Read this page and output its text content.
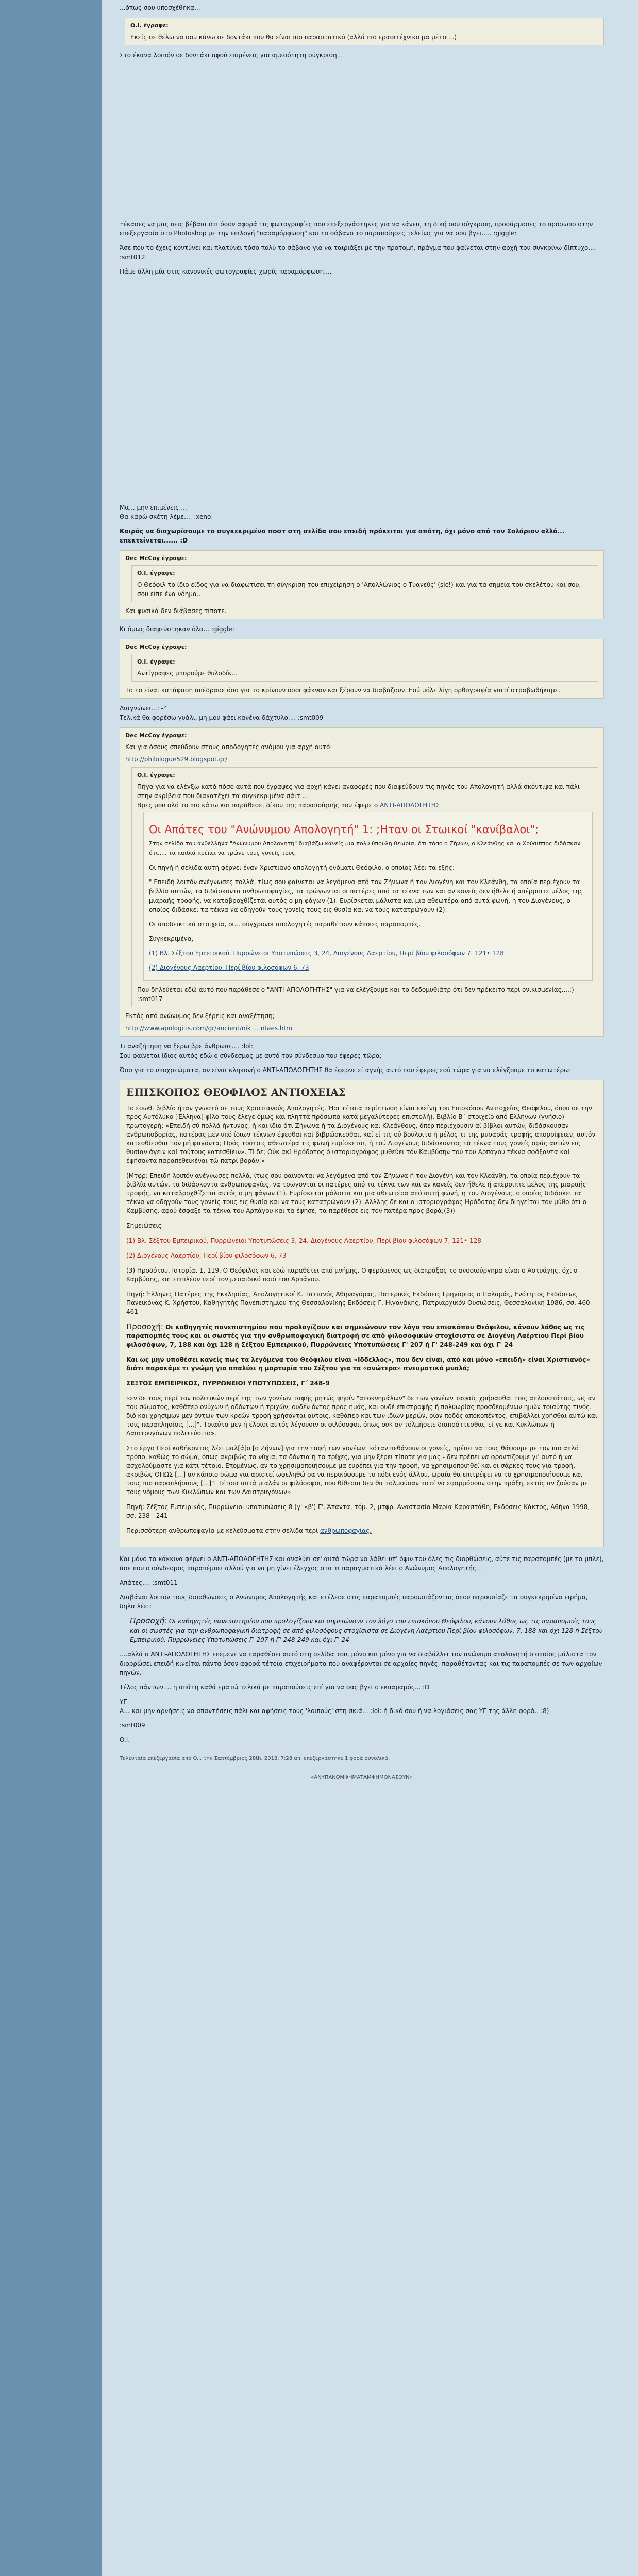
...όπως σου υποσχέθηκα...

O.I. έγραψε:
Εκείς σε θέλω να σου κάνω σε δοντάκι που θα είναι πιο παραστατικό (αλλά πιο ερασιτέχνικο μα μέτοι...)

Στο έκανα λοιπόν σε δοντάκι αφού επιμένεις για αμεσότητη σύγκριση...

Ξέκασες να μας πεις βέβαια ότι όσον αφορά τις φωτογραφίες που επεξεργάστηκες για να κάνεις τη δική σου σύγκριση, προσάρμοσες το πρόσωπο στην επεξεργασία στο Photoshop με την επιλογή "παραμόρφωση" και το σάβανο το παραποίησες τελείως για να σου βγει..... :giggle:

Άσε που το έχεις κοντύνει και πλατύνει τόσο πολύ το σάβανο για να ταιριάξει με την προτομή, πράγμα που φαίνεται στην αρχή του συγκρίνω δίπτυχο.... :smt012

Πάμε άλλη μία στις κανονικές φωτογραφίες χωρίς παραμόρφωση....

Μα... μην επιμένεις....

Θα καρώ σκέτη λέμε.... :xeno:

Καιρός να διαχωρίσουμε το συγκεκριμένο ποστ στη σελίδα σου επειδή πρόκειται για απάτη, όχι μόνο από τον Σολάριον αλλά... επεκτείνεται...... :D

Dec McCoy έγραψε:
O.I. έγραψε:
Ο Θεόφιλ το ίδιο είδος για να διαφωτίσει τη σύγκριση του επιχείρηση ο 'Απολλώνιος ο Τυανεύς' (sic!) και για τα σημεία του σκελέτου και σου, σου είπε ένα νόημα...
Και φυσικά δεν διάβασες τίποτε.

Κι όμως διαψεύστηκαν όλα... :giggle:

Dec McCoy έγραψε:
O.I. έγραψε:
Αντίγραφες μπορούμε θυλοδίκ...
Το το είναι κατάφαση απέδρασε όσο για το κρίνουν όσοι φάκναν και ξέρουν να διαβάζουν. Εσύ μόλε λίγη ορθογραφία γιατί στραβωθήκαμε.

Διαγνώνει...: -°

Τελικά θα φορέσω γυάλι, μη μου φάει κανένα δάχτυλο.... :smt009

Dec McCoy έγραψε:
Και για όσους σπεύδουν στους αποδογητές ανόμου για αρχή αυτό:
http://philologue529.blogspot.gr/
O.I. έγραψε:
Πήγα για να ελέγξω κατά πόσο αυτά που έγραψες για αρχή κάνει αναφορές που διαψεύδουν τις πηγές του Απολογητή αλλά σκόντιψα και πάλι στην ακρίβεια που διακατέχει τα συγκεκριμένα σάιτ....
Βρες μου ολό το πιο κάτω και παράθεσε, δίκου της παραποίησής που έφερε ο ΑΝΤΙ-ΑΠΟΛΟΓΗΤΗΣ
Οι Απάτες του "Ανώνυμου Απολογητή" 1: ;Ηταν οι Στωικοί "κανίβαλοι";

Στην σελίδα του ανθελλήνα "Ανώνυμου Απολογητή" διαβάζω κανείς μια πολύ ύπουλη θεωρία, ότι τόσο ο Ζήνων, ο Κλεάνθης και ο Χρύσιππος διδάσκαν ότι..... τα παιδιά πρέπει να τρώνε τους γονείς τους.

Οι πηγή ή σελίδα αυτή φέρνει έναν Χριστιανό απολογητή ονόματι Θεόφιλο, ο οποίος λέει τα εξής:

" Επειδή λοιπόν ανέγνωσες πολλά, τίως σου φαίνεται να λεγόμενα από τον Ζήνωνα ή τον Διογένη και τον Κλεάνθη, τα οποία περιέχουν τα βιβλία αυτών, τα διδάσκοντα ανθρωποφαγίες, τα τρώγωνται οι πατέρες από τα τέκνα των και αν κανείς δεν ήθελε ή απέρριπτε μέλος της μιαραής τροφής, να καταβροχθίζεται αυτός ο μη φάγων (1). Ευρίσκεται μάλιστα και μια αθεωτέρα από αυτά φωνή, η του Διογένους, ο οποίος διδάσκει τα τέκνα να οδηγούν τους γονείς τους εις θυσία και να τους κατατρώγουν (2).

Οι αποδεικτικά στοιχεία, οι... σύγχρονοι απολογητές παραθέτουν κάποιες παραπομπές.

Συγκεκριμένα,

(1) Βλ. Σέξτου Εμπειρικού, Πυρρώνειοι Υποτυπώσεις 3, 24, Διογένους Λαερτίου, Περί βίου φιλοσόφων 7. 121• 128

(2) Διογένους Λαερτίου, Περί βίου φιλοσόφων 6, 73

Που δηλεύεται εδώ αυτό που παράθεσε ο "ΑΝΤΙ-ΑΠΟΛΟΓΗΤΗΣ" για να ελέγξουμε και το δεδομυθιάτρ ότι δεν πρόκειτο περί ονικισμενίας....:) :smt017
Εκτός από ανώνυμος δεν ξέρεις και αναξέτηση;
http://www.apologitis.com/gr/ancient/nik ... ntaes.htm

Τι αναζήτηση να ξέρω βρε άνθρωπε.... :lol:

Σου φαίνεται ίδιος αυτός εδώ ο σύνδεσμος με αυτό τον σύνδεσμο που έφερες τώρα;

Όσο για το υποχρεώματα, αν είναι κληκονή ο ΑΝΤΙ-ΑΠΟΛΟΓΗΤΗΣ θα έφερνε εί αγνής αυτό που έφερες εσύ τώρα για να ελέγξουμε το κατωτέρω:

ΕΠΙΣΚΟΠΟΣ ΘΕΟΦΙΛΟΣ ΑΝΤΙΟΧΕΙΑΣ

Το έσωθι βιβλίο ήταν γνωστό σε τους Χριστιανούς Απολογητές. Ήσι τέτοια περίπτωση είναι εκείνη του Επισκόπου Αντιοχείας Θεόφιλου, όπου σε την προς Αυτόλυκο [Έλληνα] φίλο τους έλεγε όμως και πληττά πρόσωπα κατά μεγαλύτερες επιστολή). Βιβλίο Β΄ στοιχείο από Ελλήνων (γνήσιο) πρωτογερή: «Επειδή σύ πολλά ήντυνας, ή και ίδιο ότι Ζήνωνα ή τα Διογένους και Κλεάνθους, όπερ περιέχουσιν αί βίβλοι αυτών, διδάσκουσαν ανθρωποβορίας, πατέρας μέν υπό ίδιων τέκνων έψεσθαι καί βιβρώσκεσθαι, καί εί τις ού βούλοιτο ή μέλος τι της μυσαράς τροφής απορρίψειεν, αυτόν κατεσθίεσθαι τόν μή φαγόντα; Πρός τούτοις αθεωτέρα τις φωνή ευρίσκεται, ή τού Διογένους διδάσκοντος τά τέκνα τους γονείς σφάς αυτών εις θυσίαν άγειν καί τούτους κατεσθίειν». Τί δε; Ούκ ακί Ηρόδοτος ό ιστοριογράφος μυθεύει τόν Καμβύσην τού του Αρπάγου τέκνα σφάξαντα καί έψήσαντα παραπεθεικέναι τώ πατρί βοράν;»

(Μτφρ: Επειδή λοιπόν ανέγνωσες πολλά, ίτως σου φαίνονται να λεγόμενα από τον Ζήνωνα ή τον Διογένη και τον Κλεάνθη, τα οποία περιέχουν τα βιβλία αυτών, τα διδάσκοντα ανθρωποφαγίες, να τρώγονται οι πατέρες από τα τέκνα των και αν κανείς δεν ήθελε ή απέρριπτε μέλος της μιαραής τροφής, να καταβροχθίζεται αυτός ο μη φάγων (1). Ευρίσκεται μάλιστα και μια αθεωτέρα από αυτή φωνή, η του Διογένους, ο οποίος διδάσκει τα τέκνα να οδηγούν τους γονείς τους εις θυσία και να τους κατατρώγουν (2). Αλλλης δε και ο ιστοριογράφος Ηρόδοτος δεν διηγείται τον μύθο ότι ο Καμβύσης, αφού έσφαξε τα τέκνα του Αρπάγου και τα έψησε, τα παρέθεσε εις τον πατέρα προς βορά;(3))

Σημειώσεις

(1) Βλ. Σέξτου Εμπειρικού, Πυρρώνειοι Υποτυπώσεις 3, 24. Διογένους Λαερτίου, Περί βίου φιλοσόφων 7, 121• 128

(2) Διογένους Λαερτίου, Περί βίου φιλοσόφων 6, 73

(3) Ηροδότου, Ιστορίαι 1, 119. Ο Θεόφιλος και εδώ παραθέτει από μνήμης. Ο φερόμενος ως διαπράξας το ανοσιούργημα είναι ο Αστυάγης, όχι ο Καμβύσης, και επιπλέον περί τον μεσαιδικό ποιό του Αρπάγου.

Πηγή: Έλληνες Πατέρες της Εκκλησίας, Απολογητικοί Κ. Τατιανός Αθηναγόρας, Πατερικές Εκδόσεις Γρηγόριος ο Παλαμάς, Ενότητος Εκδόσεως Πανεικόνας Κ. Χρήστου, Καθηγητής Πανεπιστημίου της Θεσσαλονίκης Εκδόσεις Γ. Ηιγανάκης, Πατριαρχικόν Ουσιώσεις, Θεσσαλονίκη 1986, σσ. 460 - 461

Προσοχή: Οι καθηγητές πανεπιστημίου που προλογίζουν και σημειώνουν τον λόγο του επισκόπου Θεόφιλου, κάνουν λάθος ως τις παραπομπές τους και οι σωστές για την ανθρωποφαγική διατροφή σε από φιλοσοφικών στοχίσιστα σε Διογένη Λαέρτιου Περί βίου φιλοσόφων, 7, 188 και όχι 128 ή Σέξτου Εμπειρικού, Πυρρώνειες Υποτυπώσεις Γ' 207 ή Γ' 248-249 και όχι Γ' 24

Και ως μην υποθέσει κανείς πως τα λεγόμενα του Θεόφιλου είναι «Ιδδελλος», που δεν είναι, από και μόνο «επειδή» είναι Χριστιανός» διότι παρακάμε τι γνώμη για απαλύει η μαρτυρία του Σέξτου για τα «ανώτερα» πνευματικά μυαλά;

ΣΕΞΤΟΣ ΕΜΠΕΙΡΙΚΟΣ, ΠΥΡΡΩΝΕΙΟΙ ΥΠΟΤΥΠΩΣΕΙΣ, Γ΄ 248-9

«εν δε τους περί τον πολιτικών περί της των γονέων ταφής ρητώς φησίν "αποκνημάλων" δε των γονέων ταφαίς χρήσασθαι τοις απλουστάτοις, ως αν του σώματος, καθάπερ ονύχων ή οδόντων ή τριχών, ουδέν όντος προς ημάς, και ουδέ επιστροφής ή πολυωρίας προσδεομένων ημών τοιαύτης τινός. διό και χρησίμων μεν όντων των κρεών τροφή χρήσονται αυτοις, καθάπερ και των ιδίων μερών, οίον ποδός αποκοπέντος, επιβάλλει χρήσθαι αυτώ και τοις παραπλησίοις [...]". Τοιαύτα μεν ή έλοισι αυτός λέγουσιν οι φιλόσοφοι. όπως ουκ αν τόλμήσειε διαπράττεσθαι, εί γε και Κυκλώπων ή Λαιστρυγόνων πολιτεύοιτο».

Στο έργο Περί καθήκοντος λέει μαλ[ά]ο [ο Ζήνων] για την ταφή των γονέων: «όταν πεθάνουν οι γονείς, πρέπει να τους θάψουμε με τον πιο απλό τρόπο, καθώς το σώμα, όπως ακριβώς τα νύχια, τα δόντια ή τα τρίχες, για μην ξέρει τίποτε για μας - δεν πρέπει να φροντίζουμε γι' αυτό ή να ασχολούμαστε για κάτι τέτοιο. Επομένως, αν το χρησιμοποιήσουμε μα ευρέπει για την τροφή, να χρησιμοποιηθεί και οι σάρκες τους για τροφή, ακριβώς ΟΠΩΣ [...] αν κάποιο σώμα για αριστεί ωφεληθώ σα να περικόψουμε το πόδι ενός άλλου, ωραία θα επιτρέψει να το χρησιμοποιήσουμε και τους πιο παραπλήσιους [...]". Τέτοια αυτά μιαλάν οι φιλόσοφοι, που θίθεσαι δεν θα τολμούσαν ποτέ να εφαρμόσουν στην πράξη, εκτός αν ζούσαν με τους νόμους των Κυκλώπων και των Λαιστρυγόνων»

Πηγή: Σέξτος Εμπειρικός, Πυρρώνειοι υποτυπώσεις 8 (γ' «β') Γ', Άπαντα, τόμ. 2, μτφρ. Αναστασία Μαρία Καραστάθη, Εκδόσεις Κάκτος, Αθήνα 1998, σσ. 238 - 241

Περισσότερη ανθρωποφαγία με κελεύσματα στην σελίδα περί ανθρωποφαγίας.

Και μόνο τα κάκκινα φέρνει ο ΑΝΤΙ-ΑΠΟΛΟΓΗΤΗΣ και αναλύει σε' αυτά τώρα να λάθει υπ' όψιν του όλες τις διορθώσεις, αύτε τις παραπομπές (με τα μπλε), άσε που ο σύνδεσμος παραπέμπει αλλού για να μη γίνει έλεγχος στα τι παραγματικά λέει ο Ανώνυμος Απολογητής...

Απάτες.... :smt011

Διαβάναι λοιπόν τους διορθώνσεις ο Ανώνυμος Απολογητής και ετέλεσε στις παραπομπές παρουσιάζοντας όπου παρουσίαζε τα συγκεκριμένα ειρήμα, δηλα λέει:

Προσοχή: Οι καθηγητές πανεπιστημίου που προλογίζουν και σημειώνουν τον λόγο του επισκόπου Θεόφιλου, κάνουν λάθος ως τις παραπομπές τους και οι σωστές για την ανθρωποφαγική διατροφή σε από φιλοσόφους στοχίσιστα σε Διογένη Λαέρτιου Περί βίου φιλοσόφων, 7, 188 και όχι 128 ή Σέξτου Εμπειρικού, Πυρρώνειες Υποτυπώσεις Γ' 207 ή Γ' 248-249 και όχι Γ' 24

....αλλά ο ΑΝΤΙ-ΑΠΟΛΟΓΗΤΗΣ επέμενε να παραθέσει αυτό στη σελίδα του, μόνο και μόνο για να διαβάλλει τον ανώνυμο απολογητή ο οποίος μάλιστα τον διορρώσει επειδή κινείται πάντα όσον αφορά τέτοια επιχειρήματα που αναφέρονται σε αρχαίες πηγές, παραθέτοντας και τις παραπομπές σε των αρχαίων πηγών.

Τέλος πάντων.... η απάτη καθά εματώ τελικά με παραπούσεις επί για να σας βγει ο εκπαραμός... :D

ΥΓ

Α... και μην αρνήσεις να απαντήσεις πάλι και αφήσεις τους 'λοιπούς' στη σκιά... :lol: ή δικό σου ή να λογιάσεις σας ΥΓ της άλλη φορά.. :8)

:smt009

O.I.

Τελευταία επεξεργασία από O.I. την Σαπτέμβριος 28th, 2013, 7:28 απ, επεξεργάστηκε 1 φορά συνολικά.

«ΑΝΥΠΑΝΟΜΦΗΜΑΤΑΜΦΗΜΟΝΑΣΟΥΝ»
